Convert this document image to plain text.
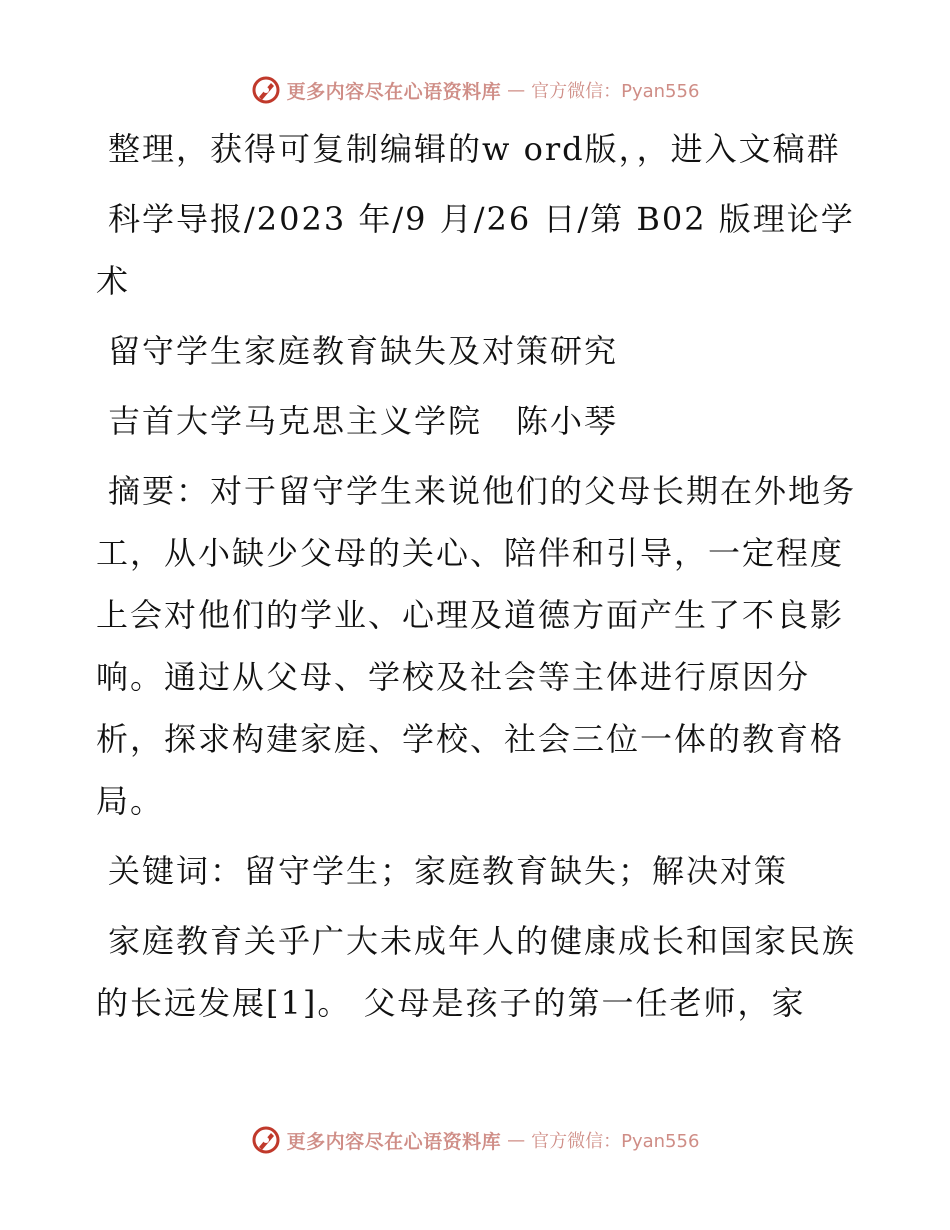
更多内容尽在心语资料库 — 官方微信：Pyan556

整理，获得可复制编辑的w ord版，，进入文稿群

科学导报/2023 年/9 月/26 日/第 B02 版理论学术

留守学生家庭教育缺失及对策研究

吉首大学马克思主义学院　陈小琴

摘要：对于留守学生来说他们的父母长期在外地务工，从小缺少父母的关心、陪伴和引导，一定程度上会对他们的学业、心理及道德方面产生了不良影响。通过从父母、学校及社会等主体进行原因分析，探求构建家庭、学校、社会三位一体的教育格局。

关键词：留守学生；家庭教育缺失；解决对策

家庭教育关乎广大未成年人的健康成长和国家民族的长远发展[1]。 父母是孩子的第一任老师，家

更多内容尽在心语资料库 — 官方微信：Pyan556
